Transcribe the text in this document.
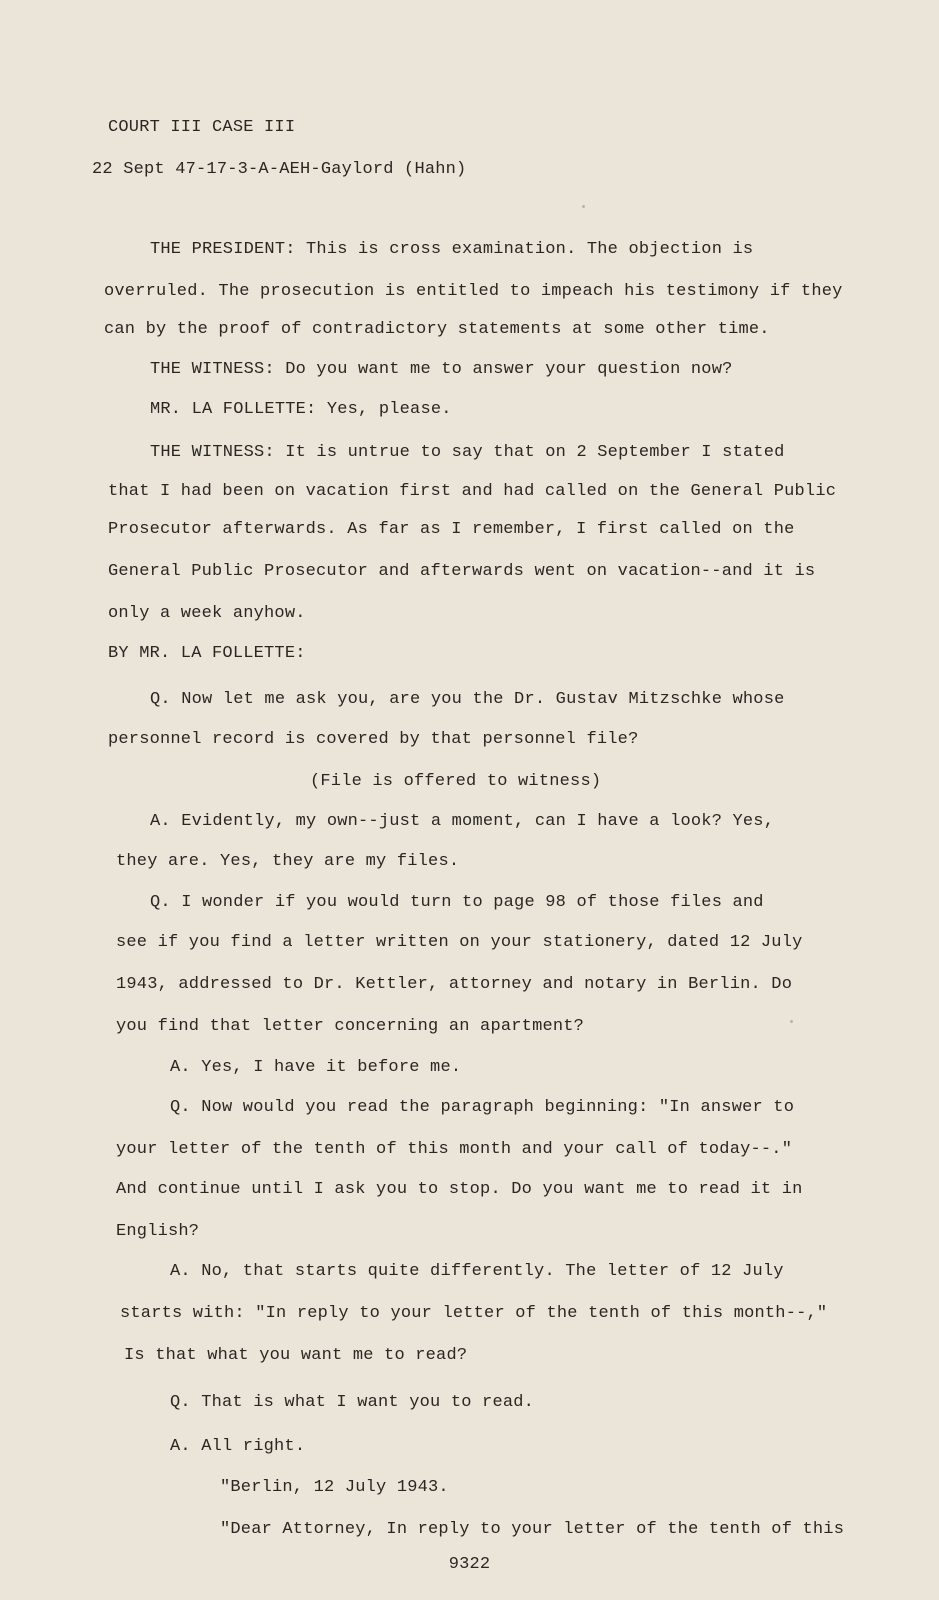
COURT III CASE III
22 Sept 47-17-3-A-AEH-Gaylord (Hahn)
THE PRESIDENT: This is cross examination. The objection is
overruled. The prosecution is entitled to impeach his testimony if they
can by the proof of contradictory statements at some other time.
THE WITNESS: Do you want me to answer your question now?
MR. LA FOLLETTE: Yes, please.
THE WITNESS: It is untrue to say that on 2 September I stated
that I had been on vacation first and had called on the General Public
Prosecutor afterwards. As far as I remember, I first called on the
General Public Prosecutor and afterwards went on vacation--and it is
only a week anyhow.
BY MR. LA FOLLETTE:
Q. Now let me ask you, are you the Dr. Gustav Mitzschke whose
personnel record is covered by that personnel file?
(File is offered to witness)
A. Evidently, my own--just a moment, can I have a look? Yes,
they are. Yes, they are my files.
Q. I wonder if you would turn to page 98 of those files and
see if you find a letter written on your stationery, dated 12 July
1943, addressed to Dr. Kettler, attorney and notary in Berlin. Do
you find that letter concerning an apartment?
A. Yes, I have it before me.
Q. Now would you read the paragraph beginning: "In answer to
your letter of the tenth of this month and your call of today--."
And continue until I ask you to stop. Do you want me to read it in
English?
A. No, that starts quite differently. The letter of 12 July
starts with: "In reply to your letter of the tenth of this month--,"
Is that what you want me to read?
Q. That is what I want you to read.
A. All right.
"Berlin, 12 July 1943.
"Dear Attorney, In reply to your letter of the tenth of this
9322
